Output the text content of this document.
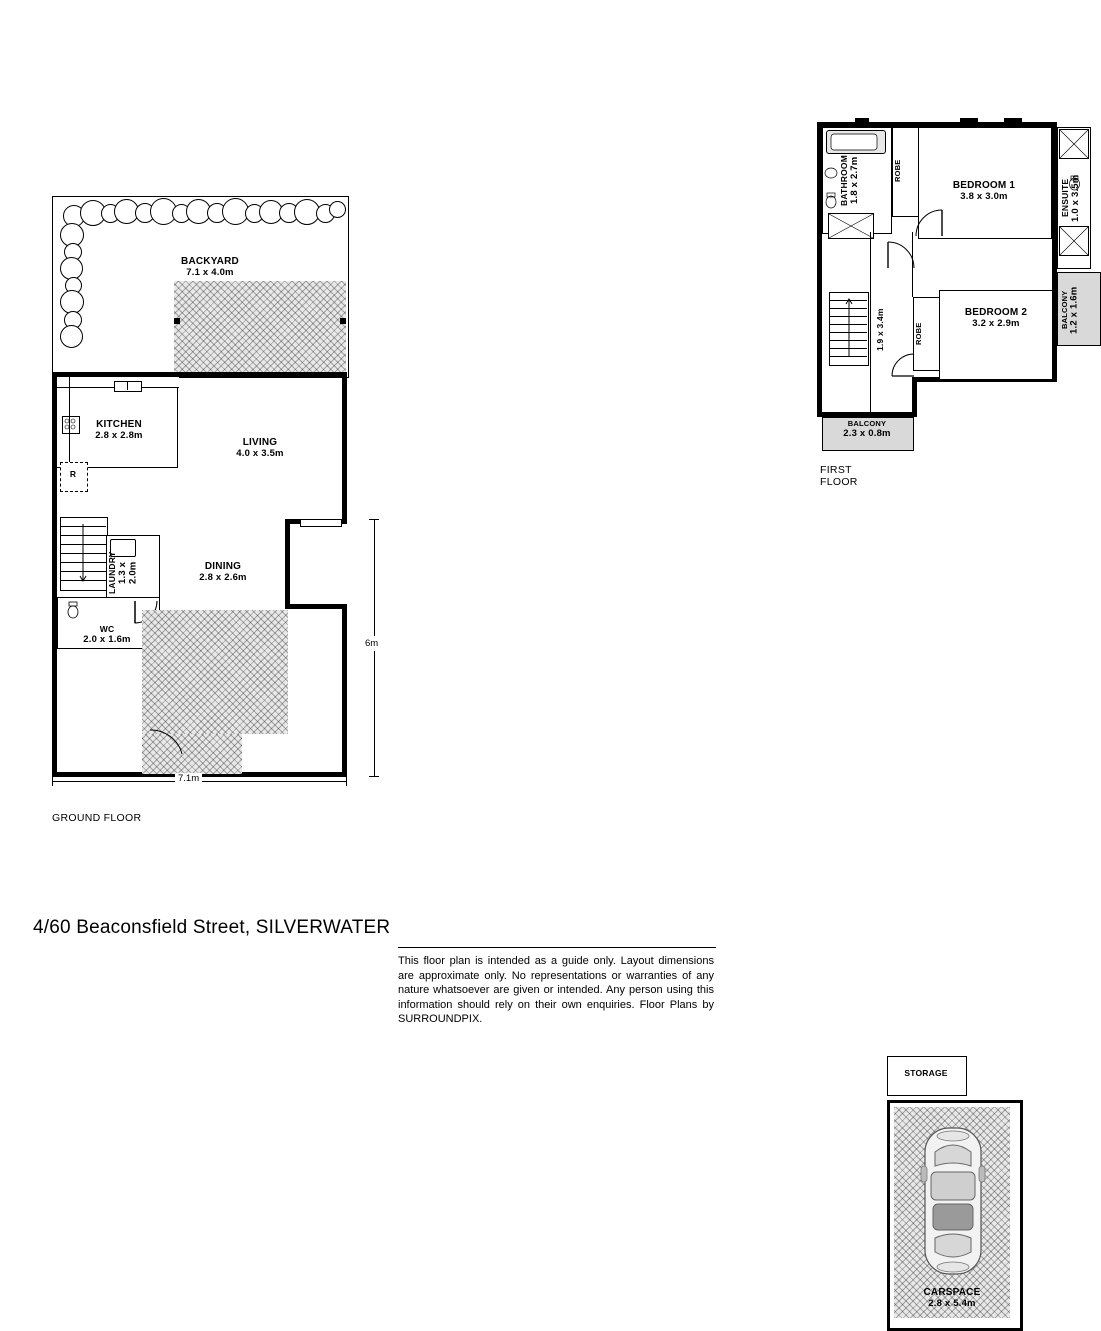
BACKYARD
7.1 x 4.0m
KITCHEN
2.8 x 2.8m
R
LIVING
4.0 x 3.5m
LAUNDRY 1.3 x 2.0m
WC
2.0 x 1.6m
DINING
2.8 x 2.6m
7.1m
6m
GROUND FLOOR
BATHROOM 1.8 x 2.7m	ROBE
BEDROOM 1
3.8 x 3.0m	ENSUITE 1.0 x 3.5m
BALCONY 1.2 x 1.6m
1.9 x 3.4m	ROBE
BEDROOM 2
3.2 x 2.9m
BALCONY
2.3 x 0.8m
FIRST FLOOR
STORAGE
CARSPACE
2.8 x 5.4m
4/60 Beaconsfield Street, SILVERWATER
This floor plan is intended as a guide only. Layout dimensions are approximate only. No representations or warranties of any nature whatsoever are given or intended. Any person using this information should rely on their own enquiries. Floor Plans by SURROUNDPIX.
